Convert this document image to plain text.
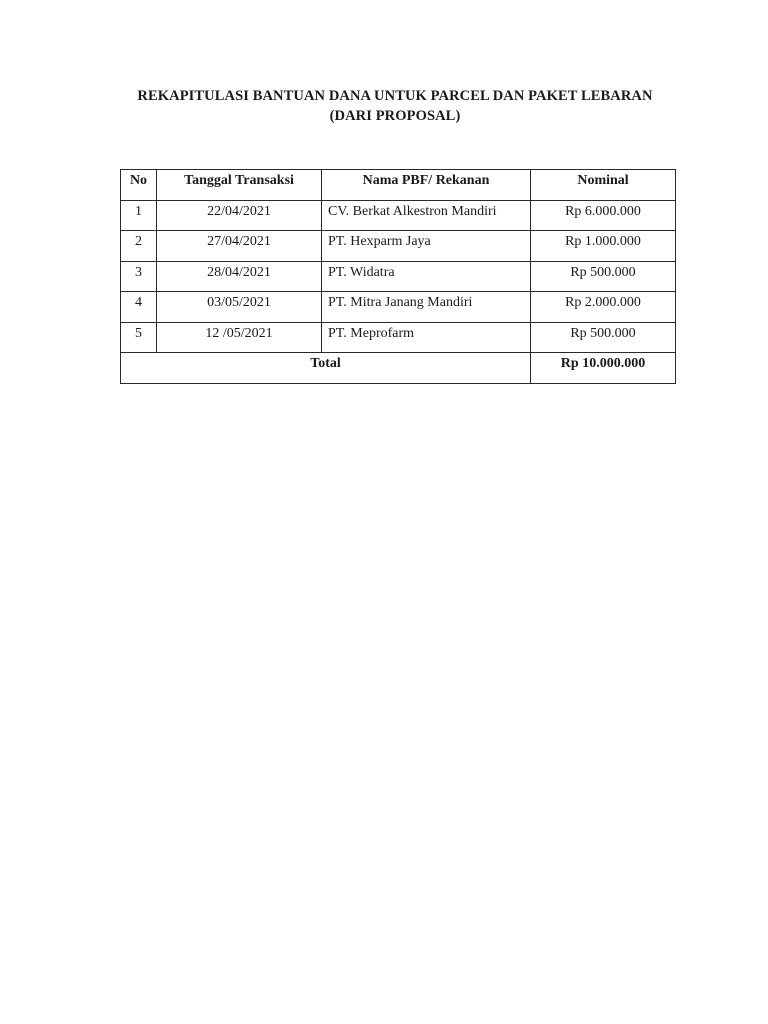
REKAPITULASI BANTUAN DANA UNTUK PARCEL DAN PAKET LEBARAN
(DARI PROPOSAL)
No	Tanggal Transaksi	Nama PBF/ Rekanan	Nominal
1	22/04/2021	CV. Berkat Alkestron Mandiri	Rp 6.000.000
2	27/04/2021	PT. Hexparm Jaya	Rp 1.000.000
3	28/04/2021	PT. Widatra	Rp 500.000
4	03/05/2021	PT. Mitra Janang Mandiri	Rp 2.000.000
5	12 /05/2021	PT. Meprofarm	Rp 500.000
Total			Rp 10.000.000
